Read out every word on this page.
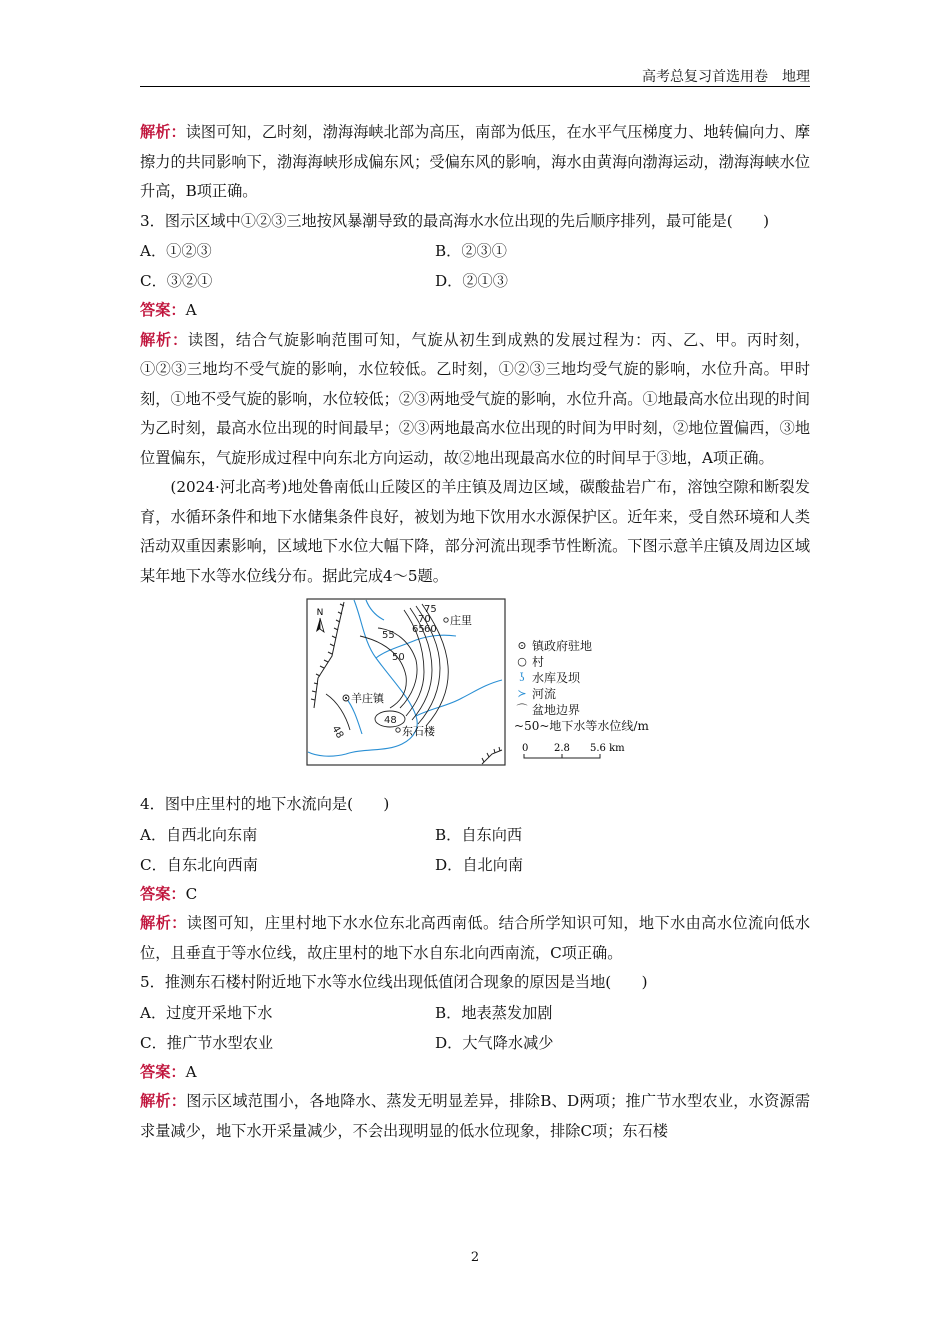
高考总复习首选用卷　地理

解析：读图可知，乙时刻，渤海海峡北部为高压，南部为低压，在水平气压梯度力、地转偏向力、摩擦力的共同影响下，渤海海峡形成偏东风；受偏东风的影响，海水由黄海向渤海运动，渤海海峡水位升高，B项正确。

3．图示区域中①②③三地按风暴潮导致的最高海水水位出现的先后顺序排列，最可能是(　　)

A．①②③	B．②③①
C．③②①	D．②①③

答案：A

解析：读图，结合气旋影响范围可知，气旋从初生到成熟的发展过程为：丙、乙、甲。丙时刻，①②③三地均不受气旋的影响，水位较低。乙时刻，①②③三地均受气旋的影响，水位升高。甲时刻，①地不受气旋的影响，水位较低；②③两地受气旋的影响，水位升高。①地最高水位出现的时间为乙时刻，最高水位出现的时间最早；②③两地最高水位出现的时间为甲时刻，②地位置偏西，③地位置偏东，气旋形成过程中向东北方向运动，故②地出现最高水位的时间早于③地，A项正确。

(2024·河北高考)地处鲁南低山丘陵区的羊庄镇及周边区域，碳酸盐岩广布，溶蚀空隙和断裂发育，水循环条件和地下水储集条件良好，被划为地下饮用水水源保护区。近年来，受自然环境和人类活动双重因素影响，区域地下水位大幅下降，部分河流出现季节性断流。下图示意羊庄镇及周边区域某年地下水等水位线分布。据此完成4～5题。

N	75
70
65 60
55
50
48
48
庄里
羊庄镇
东石楼
⊙ 镇政府驻地
○ 村
ʖ 水库及坝
≻ 河流
⌒ 盆地边界
~ 50 ~ 地下水等水位线/m
0	2.8 5.6 km

4．图中庄里村的地下水流向是(　　)

A．自西北向东南	B．自东向西
C．自东北向西南	D．自北向南

答案：C

解析：读图可知，庄里村地下水水位东北高西南低。结合所学知识可知，地下水由高水位流向低水位，且垂直于等水位线，故庄里村的地下水自东北向西南流，C项正确。

5．推测东石楼村附近地下水等水位线出现低值闭合现象的原因是当地(　　)

A．过度开采地下水	B．地表蒸发加剧
C．推广节水型农业	D．大气降水减少

答案：A

解析：图示区域范围小，各地降水、蒸发无明显差异，排除B、D两项；推广节水型农业，水资源需求量减少，地下水开采量减少，不会出现明显的低水位现象，排除C项；东石楼

2
